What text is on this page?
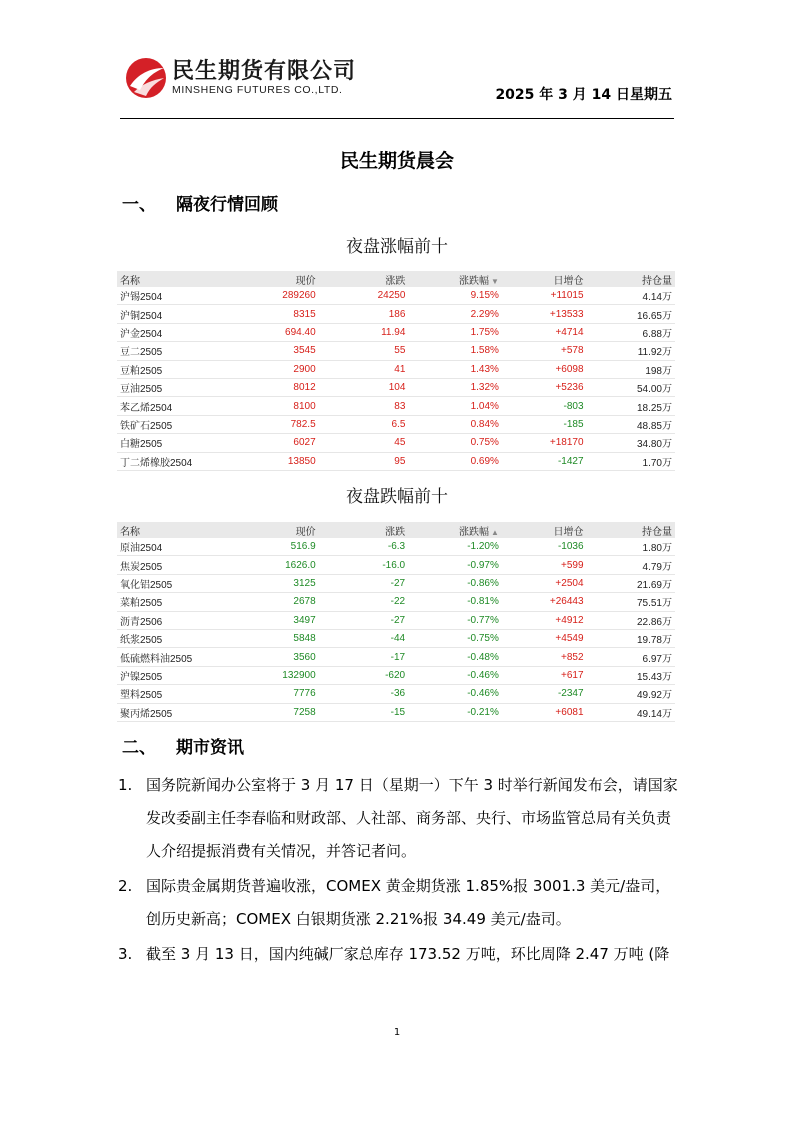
民生期货有限公司
MINSHENG FUTURES CO.,LTD.	2025 年 3 月 14 日星期五
民生期货晨会
一、 隔夜行情回顾
夜盘涨幅前十
名称	现价	涨跌	涨跌幅 ▼	日增仓	持仓量
沪锡2504	289260	24250	9.15%	+11015	4.14万
沪铜2504	8315	186	2.29%	+13533	16.65万
沪金2504	694.40	11.94	1.75%	+4714	6.88万
豆二2505	3545	55	1.58%	+578	11.92万
豆粕2505	2900	41	1.43%	+6098	198万
豆油2505	8012	104	1.32%	+5236	54.00万
苯乙烯2504	8100	83	1.04%	-803	18.25万
铁矿石2505	782.5	6.5	0.84%	-185	48.85万
白糖2505	6027	45	0.75%	+18170	34.80万
丁二烯橡胶2504	13850	95	0.69%	-1427	1.70万
夜盘跌幅前十
名称	现价	涨跌	涨跌幅 ▲	日增仓	持仓量
原油2504	516.9	-6.3	-1.20%	-1036	1.80万
焦炭2505	1626.0	-16.0	-0.97%	+599	4.79万
氧化铝2505	3125	-27	-0.86%	+2504	21.69万
菜粕2505	2678	-22	-0.81%	+26443	75.51万
沥青2506	3497	-27	-0.77%	+4912	22.86万
纸浆2505	5848	-44	-0.75%	+4549	19.78万
低硫燃料油2505	3560	-17	-0.48%	+852	6.97万
沪镍2505	132900	-620	-0.46%	+617	15.43万
塑料2505	7776	-36	-0.46%	-2347	49.92万
聚丙烯2505	7258	-15	-0.21%	+6081	49.14万
二、 期市资讯

1. 国务院新闻办公室将于 3 月 17 日（星期一）下午 3 时举行新闻发布会，请国家发改委副主任李春临和财政部、人社部、商务部、央行、市场监管总局有关负责人介绍提振消费有关情况，并答记者问。

2. 国际贵金属期货普遍收涨，COMEX 黄金期货涨 1.85%报 3001.3 美元/盎司，创历史新高；COMEX 白银期货涨 2.21%报 34.49 美元/盎司。

3. 截至 3 月 13 日，国内纯碱厂家总库存 173.52 万吨，环比周降 2.47 万吨 (降

1
